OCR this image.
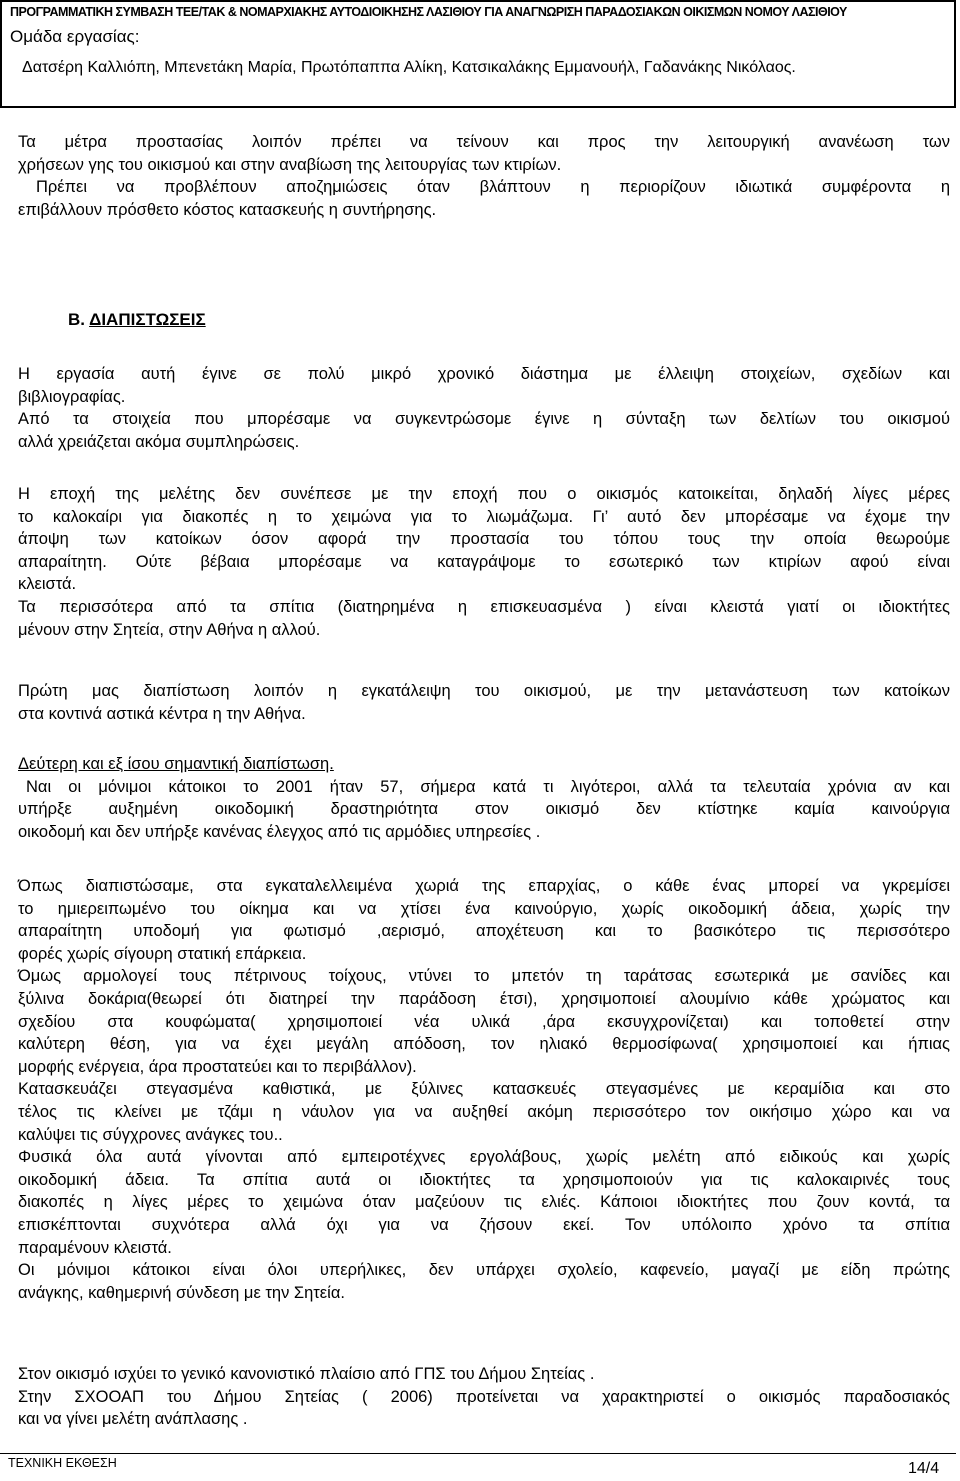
ΠΡΟΓΡΑΜΜΑΤΙΚΗ ΣΥΜΒΑΣΗ ΤΕΕ/ΤΑΚ & ΝΟΜΑΡΧΙΑΚΗΣ ΑΥΤΟΔΙΟΙΚΗΣΗΣ ΛΑΣΙΘΙΟΥ ΓΙΑ ΑΝΑΓΝΩΡΙΣΗ ΠΑΡΑΔΟΣΙΑΚΩΝ ΟΙΚΙΣΜΩΝ ΝΟΜΟΥ ΛΑΣΙΘΙΟΥ
Ομάδα εργασίας:
Δατσέρη Καλλιόπη, Μπενετάκη Μαρία, Πρωτόπαππα Αλίκη, Κατσικαλάκης Εμμανουήλ, Γαδανάκης Νικόλαος.
Τα μέτρα προστασίας λοιπόν πρέπει να τείνουν και προς την λειτουργική ανανέωση των
χρήσεων γης του οικισμού και στην αναβίωση της λειτουργίας των κτιρίων.
Πρέπει να προβλέπουν αποζημιώσεις όταν βλάπτουν η περιορίζουν ιδιωτικά συμφέροντα η
επιβάλλουν πρόσθετο κόστος κατασκευής η συντήρησης.
Β. ΔΙΑΠΙΣΤΩΣΕΙΣ
Η εργασία αυτή έγινε σε πολύ μικρό χρονικό διάστημα με έλλειψη στοιχείων, σχεδίων και
βιβλιογραφίας.
Από τα στοιχεία που μπορέσαμε να συγκεντρώσομε έγινε η σύνταξη των δελτίων του οικισμού
αλλά χρειάζεται ακόμα συμπληρώσεις.
Η εποχή της μελέτης δεν συνέπεσε με την εποχή που ο οικισμός κατοικείται, δηλαδή λίγες μέρες
το καλοκαίρι για διακοπές η το χειμώνα για το λιωμάζωμα. Γι’ αυτό δεν μπορέσαμε να έχομε την
άποψη των κατοίκων όσον αφορά την προστασία του τόπου τους την οποία θεωρούμε
απαραίτητη. Ούτε βέβαια μπορέσαμε να καταγράψομε το εσωτερικό των κτιρίων αφού είναι
κλειστά.
Τα περισσότερα από τα σπίτια (διατηρημένα η επισκευασμένα ) είναι κλειστά γιατί οι ιδιοκτήτες
μένουν στην Σητεία, στην Αθήνα η αλλού.
Πρώτη μας διαπίστωση λοιπόν η εγκατάλειψη του οικισμού, με την μετανάστευση των κατοίκων
στα κοντινά αστικά κέντρα η την Αθήνα.
Δεύτερη και εξ ίσου σημαντική διαπίστωση.
Ναι οι μόνιμοι κάτοικοι το 2001 ήταν 57, σήμερα κατά τι λιγότεροι, αλλά τα τελευταία χρόνια αν και
υπήρξε αυξημένη οικοδομική δραστηριότητα στον οικισμό δεν κτίστηκε καμία καινούργια
οικοδομή και δεν υπήρξε κανένας έλεγχος από τις αρμόδιες υπηρεσίες .
Όπως διαπιστώσαμε, στα εγκαταλελλειμένα χωριά της επαρχίας, ο κάθε ένας μπορεί να γκρεμίσει
το ημιερειπωμένο του οίκημα και να χτίσει ένα καινούργιο, χωρίς οικοδομική άδεια, χωρίς την
απαραίτητη υποδομή για φωτισμό ,αερισμό, αποχέτευση και το βασικότερο τις περισσότερο
φορές χωρίς σίγουρη στατική επάρκεια.
Όμως αρμολογεί τους πέτρινους τοίχους, ντύνει το μπετόν τη ταράτσας εσωτερικά με σανίδες και
ξύλινα δοκάρια(θεωρεί ότι διατηρεί την παράδοση έτσι), χρησιμοποιεί αλουμίνιο κάθε χρώματος και
σχεδίου στα κουφώματα( χρησιμοποιεί νέα υλικά ,άρα εκσυγχρονίζεται) και τοποθετεί στην
καλύτερη θέση, για να έχει μεγάλη απόδοση, τον ηλιακό θερμοσίφωνα( χρησιμοποιεί και ήπιας
μορφής ενέργεια, άρα προστατεύει και το περιβάλλον).
Κατασκευάζει στεγασμένα καθιστικά, με ξύλινες κατασκευές στεγασμένες με κεραμίδια και στο
τέλος τις κλείνει με τζάμι η νάυλον για να αυξηθεί ακόμη περισσότερο τον οικήσιμο χώρο και να
καλύψει τις σύγχρονες ανάγκες του..
Φυσικά όλα αυτά γίνονται από εμπειροτέχνες εργολάβους, χωρίς μελέτη από ειδικούς και χωρίς
οικοδομική άδεια. Τα σπίτια αυτά οι ιδιοκτήτες τα χρησιμοποιούν για τις καλοκαιρινές τους
διακοπές η λίγες μέρες το χειμώνα όταν μαζεύουν τις ελιές. Κάποιοι ιδιοκτήτες που ζουν κοντά, τα
επισκέπτονται συχνότερα αλλά όχι για να ζήσουν εκεί. Τον υπόλοιπο χρόνο τα σπίτια
παραμένουν κλειστά.
Οι μόνιμοι κάτοικοι είναι όλοι υπερήλικες, δεν υπάρχει σχολείο, καφενείο, μαγαζί με είδη πρώτης
ανάγκης, καθημερινή σύνδεση με την Σητεία.
Στον οικισμό ισχύει το γενικό κανονιστικό πλαίσιο από ΓΠΣ του Δήμου Σητείας .
Στην ΣΧΟΟΑΠ του Δήμου Σητείας ( 2006) προτείνεται να χαρακτηριστεί ο οικισμός παραδοσιακός
και να γίνει μελέτη ανάπλασης .
ΤΕΧΝΙΚΗ ΕΚΘΕΣΗ	14/4
